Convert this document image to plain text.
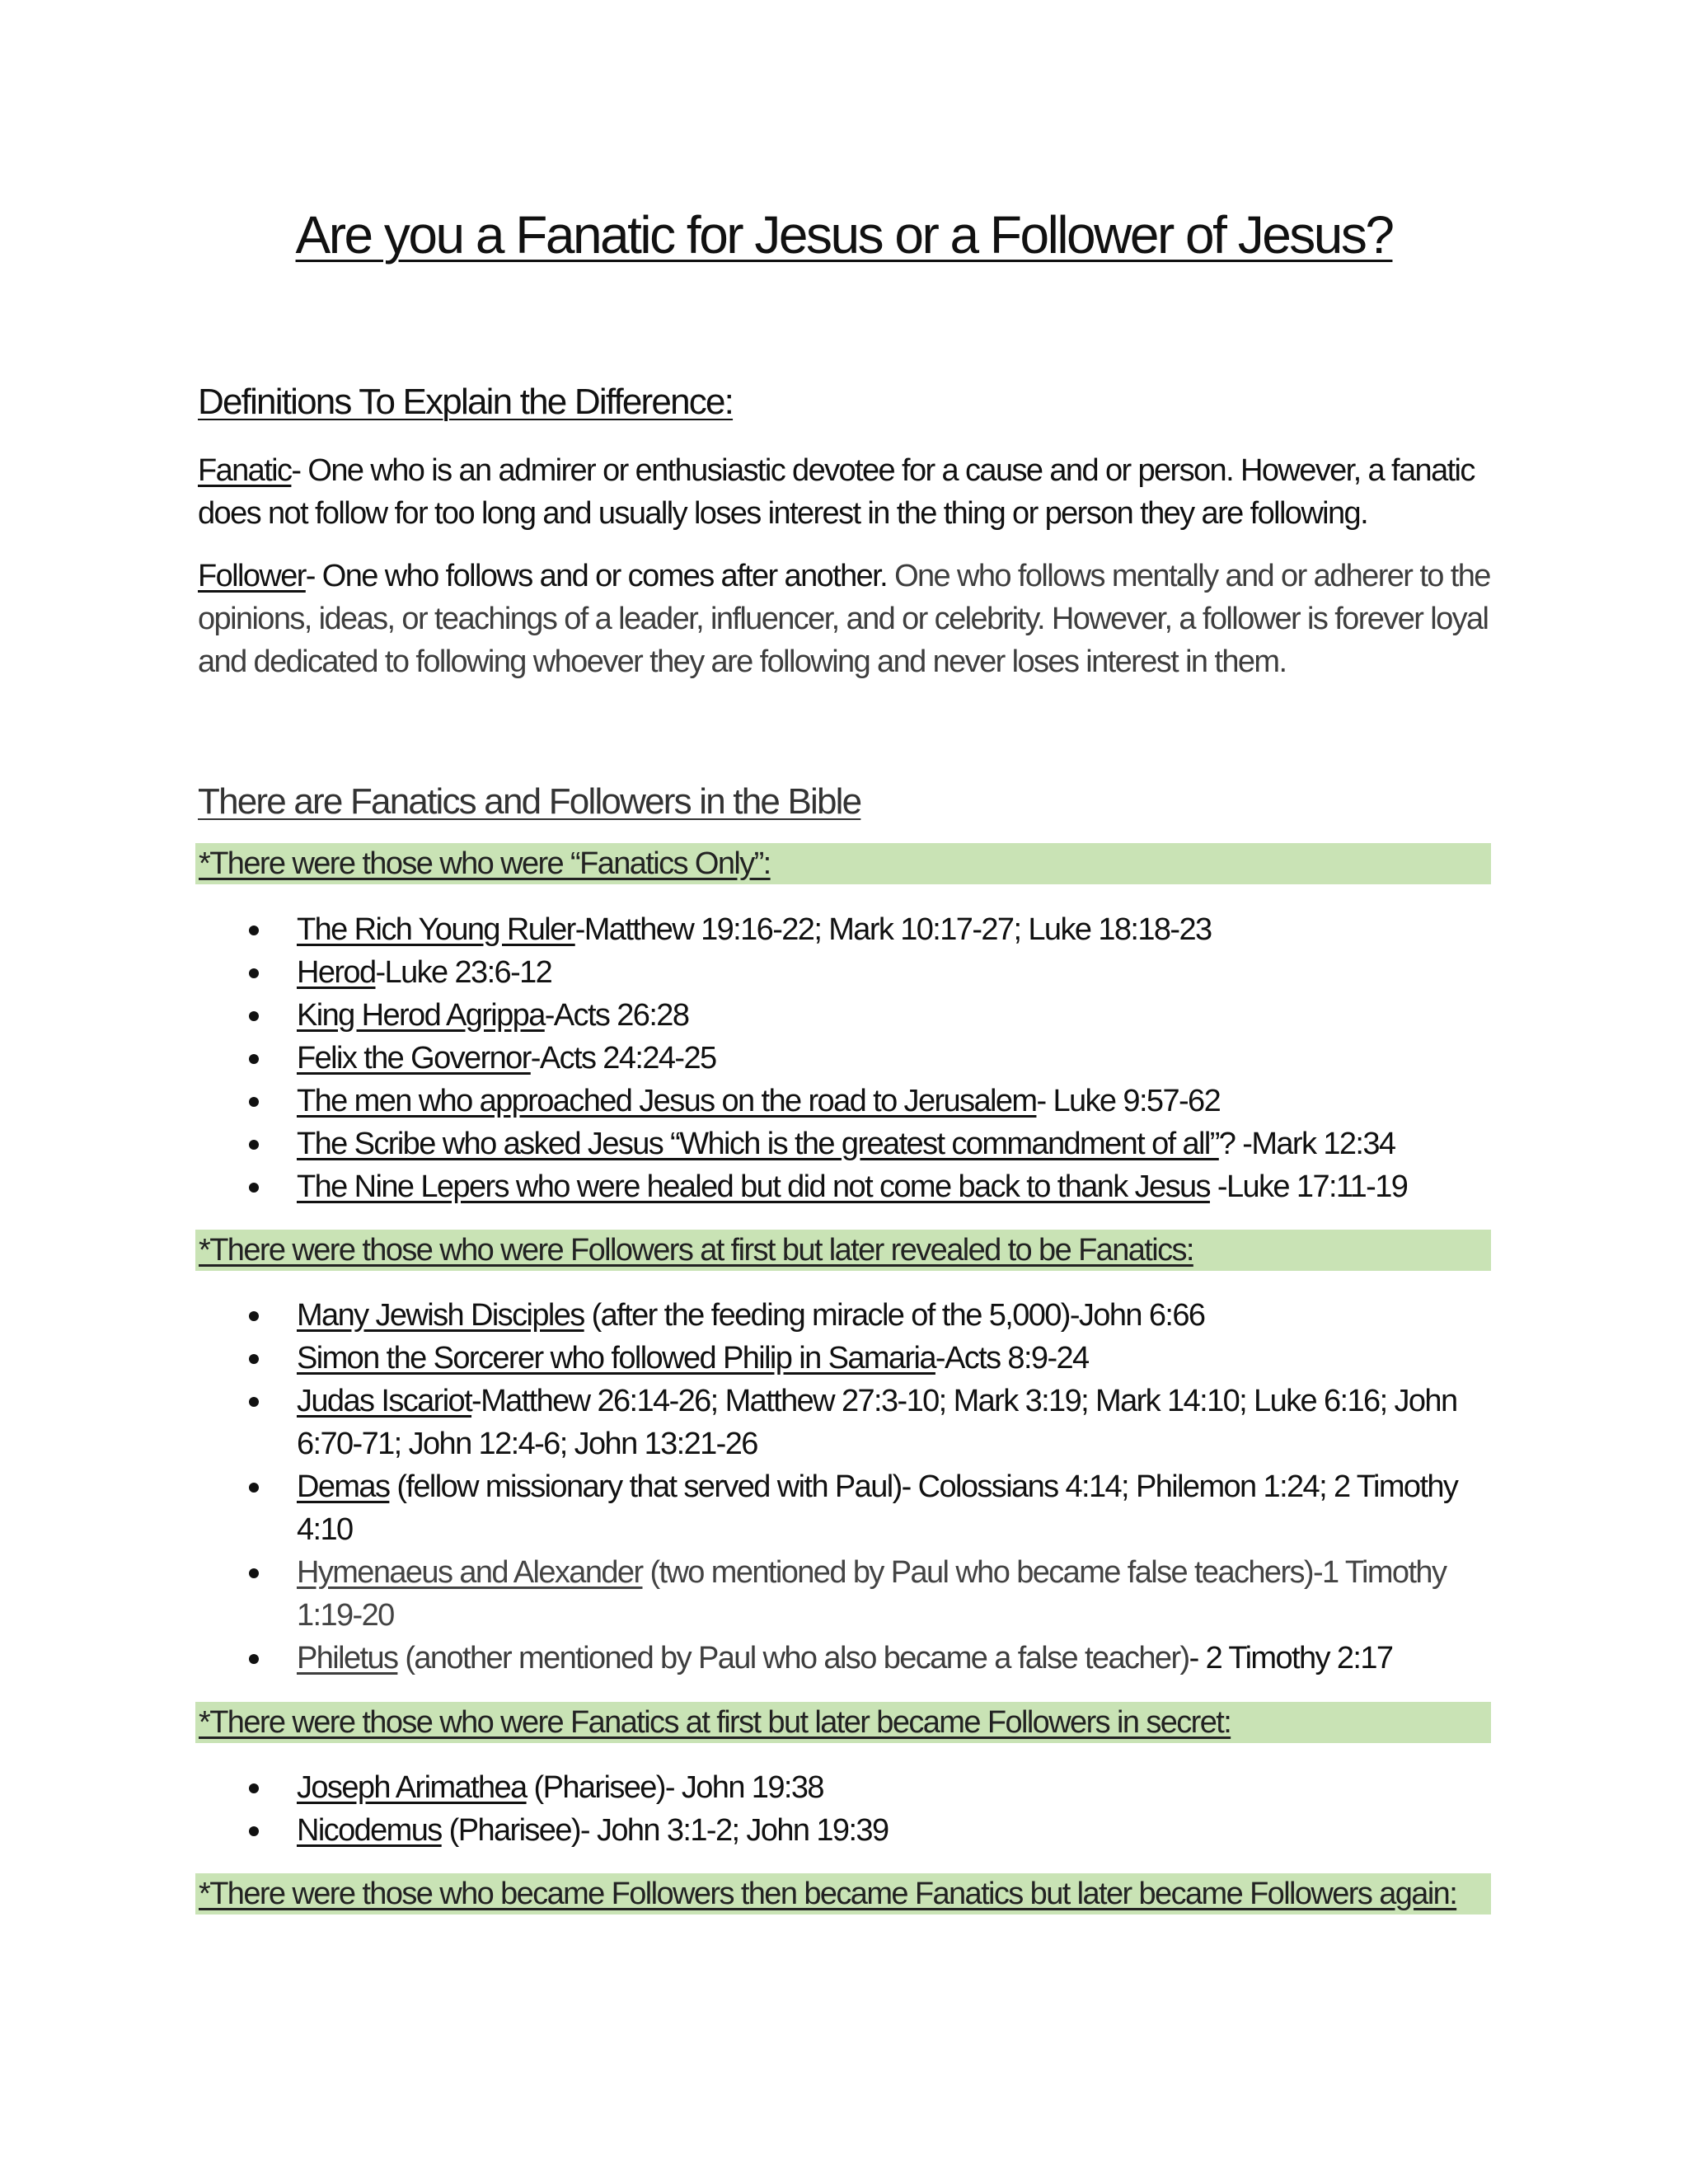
Are you a Fanatic for Jesus or a Follower of Jesus?
Definitions To Explain the Difference:

Fanatic- One who is an admirer or enthusiastic devotee for a cause and or person. However, a fanatic does not follow for too long and usually loses interest in the thing or person they are following.

Follower- One who follows and or comes after another. One who follows mentally and or adherer to the opinions, ideas, or teachings of a leader, influencer, and or celebrity. However, a follower is forever loyal and dedicated to following whoever they are following and never loses interest in them.

There are Fanatics and Followers in the Bible
*There were those who were “Fanatics Only”:
The Rich Young Ruler-Matthew 19:16-22; Mark 10:17-27; Luke 18:18-23
Herod-Luke 23:6-12
King Herod Agrippa-Acts 26:28
Felix the Governor-Acts 24:24-25
The men who approached Jesus on the road to Jerusalem- Luke 9:57-62
The Scribe who asked Jesus “Which is the greatest commandment of all”? -Mark 12:34
The Nine Lepers who were healed but did not come back to thank Jesus -Luke 17:11-19
*There were those who were Followers at first but later revealed to be Fanatics:
Many Jewish Disciples (after the feeding miracle of the 5,000)-John 6:66
Simon the Sorcerer who followed Philip in Samaria-Acts 8:9-24
Judas Iscariot-Matthew 26:14-26; Matthew 27:3-10; Mark 3:19; Mark 14:10; Luke 6:16; John 6:70-71; John 12:4-6; John 13:21-26
Demas (fellow missionary that served with Paul)- Colossians 4:14; Philemon 1:24; 2 Timothy 4:10
Hymenaeus and Alexander (two mentioned by Paul who became false teachers)-1 Timothy 1:19-20
Philetus (another mentioned by Paul who also became a false teacher)- 2 Timothy 2:17
*There were those who were Fanatics at first but later became Followers in secret:
Joseph Arimathea (Pharisee)- John 19:38
Nicodemus (Pharisee)- John 3:1-2; John 19:39
*There were those who became Followers then became Fanatics but later became Followers again:
